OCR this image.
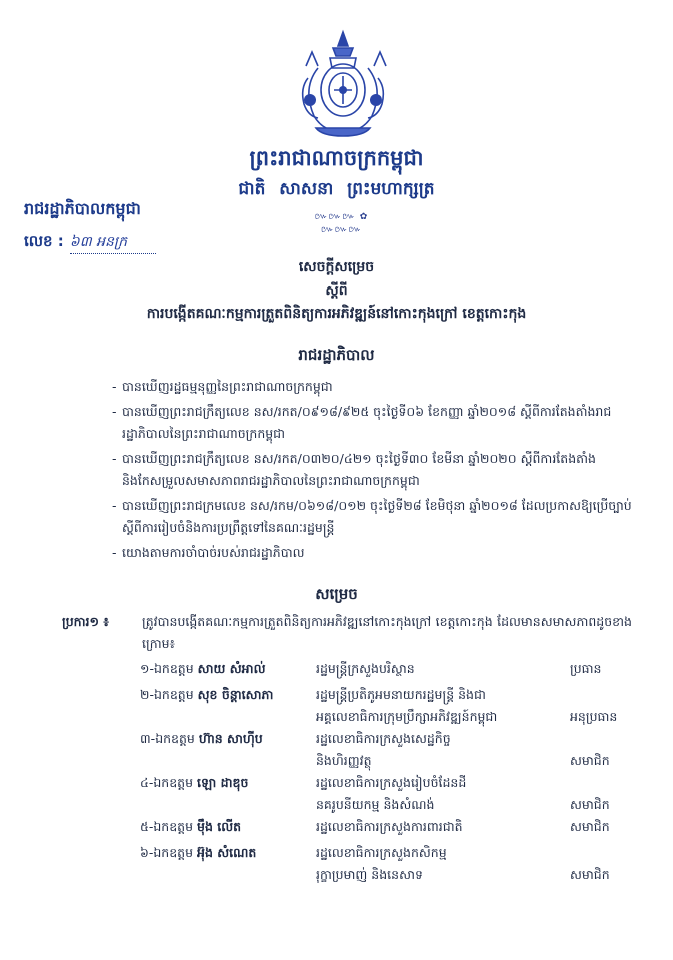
ព្រះរាជាណាចក្រកម្ពុជា
ជាតិ សាសនា ព្រះមហាក្សត្រ
៚៚៚ ✿ ៚៚៚
រាជរដ្ឋាភិបាលកម្ពុជា
លេខ : ៦៣ អនក្រ
សេចក្ដីសម្រេច
ស្ដីពី
ការបង្កើតគណៈកម្មការត្រួតពិនិត្យការអភិវឌ្ឍន៍នៅកោះកុងក្រៅ ខេត្តកោះកុង
រាជរដ្ឋាភិបាល
- បានឃើញរដ្ឋធម្មនុញ្ញនៃព្រះរាជាណាចក្រកម្ពុជា
- បានឃើញព្រះរាជក្រឹត្យលេខ នស/រកត/០៩១៨/៩២៥ ចុះថ្ងៃទី០៦ ខែកញ្ញា ឆ្នាំ២០១៨ ស្ដីពីការតែងតាំងរាជរដ្ឋាភិបាលនៃព្រះរាជាណាចក្រកម្ពុជា
- បានឃើញព្រះរាជក្រឹត្យលេខ នស/រកត/០៣២០/៤២១ ចុះថ្ងៃទី៣០ ខែមីនា ឆ្នាំ២០២០ ស្ដីពីការតែងតាំង និងកែសម្រួលសមាសភាពរាជរដ្ឋាភិបាលនៃព្រះរាជាណាចក្រកម្ពុជា
- បានឃើញព្រះរាជក្រមលេខ នស/រកម/០៦១៨/០១២ ចុះថ្ងៃទី២៨ ខែមិថុនា ឆ្នាំ២០១៨ ដែលប្រកាសឱ្យប្រើច្បាប់ស្ដីពីការរៀបចំនិងការប្រព្រឹត្តទៅនៃគណៈរដ្ឋមន្ត្រី
- យោងតាមការចាំបាច់របស់រាជរដ្ឋាភិបាល
សម្រេច
ប្រការ១ ៖	ត្រូវបានបង្កើតគណៈកម្មការត្រួតពិនិត្យការអភិវឌ្ឍនៅកោះកុងក្រៅ ខេត្តកោះកុង ដែលមានសមាសភាពដូចខាងក្រោម៖
១-ឯកឧត្តម សាយ សំអាល់	រដ្ឋមន្ត្រីក្រសួងបរិស្ថាន	ប្រធាន
២-ឯកឧត្តម សុខ ចិន្ដាសោភា	រដ្ឋមន្ត្រីប្រតិភូអមនាយករដ្ឋមន្ត្រី និងជា
អគ្គលេខាធិការក្រុមប្រឹក្សាអភិវឌ្ឍន៍កម្ពុជា	អនុប្រធាន
៣-ឯកឧត្តម ហ៊ាន សាហ៊ីប	រដ្ឋលេខាធិការក្រសួងសេដ្ឋកិច្ច
និងហិរញ្ញវត្ថុ	សមាជិក
៤-ឯកឧត្តម ឡោ ដាឌុច	រដ្ឋលេខាធិការក្រសួងរៀបចំដែនដី
នគរូបនីយកម្ម និងសំណង់	សមាជិក
៥-ឯកឧត្តម ម៉ឹង លើត	រដ្ឋលេខាធិការក្រសួងការពារជាតិ	សមាជិក
៦-ឯកឧត្តម អ៊ុង សំណេត	រដ្ឋលេខាធិការក្រសួងកសិកម្ម
រុក្ខាប្រមាញ់ និងនេសាទ	សមាជិក
